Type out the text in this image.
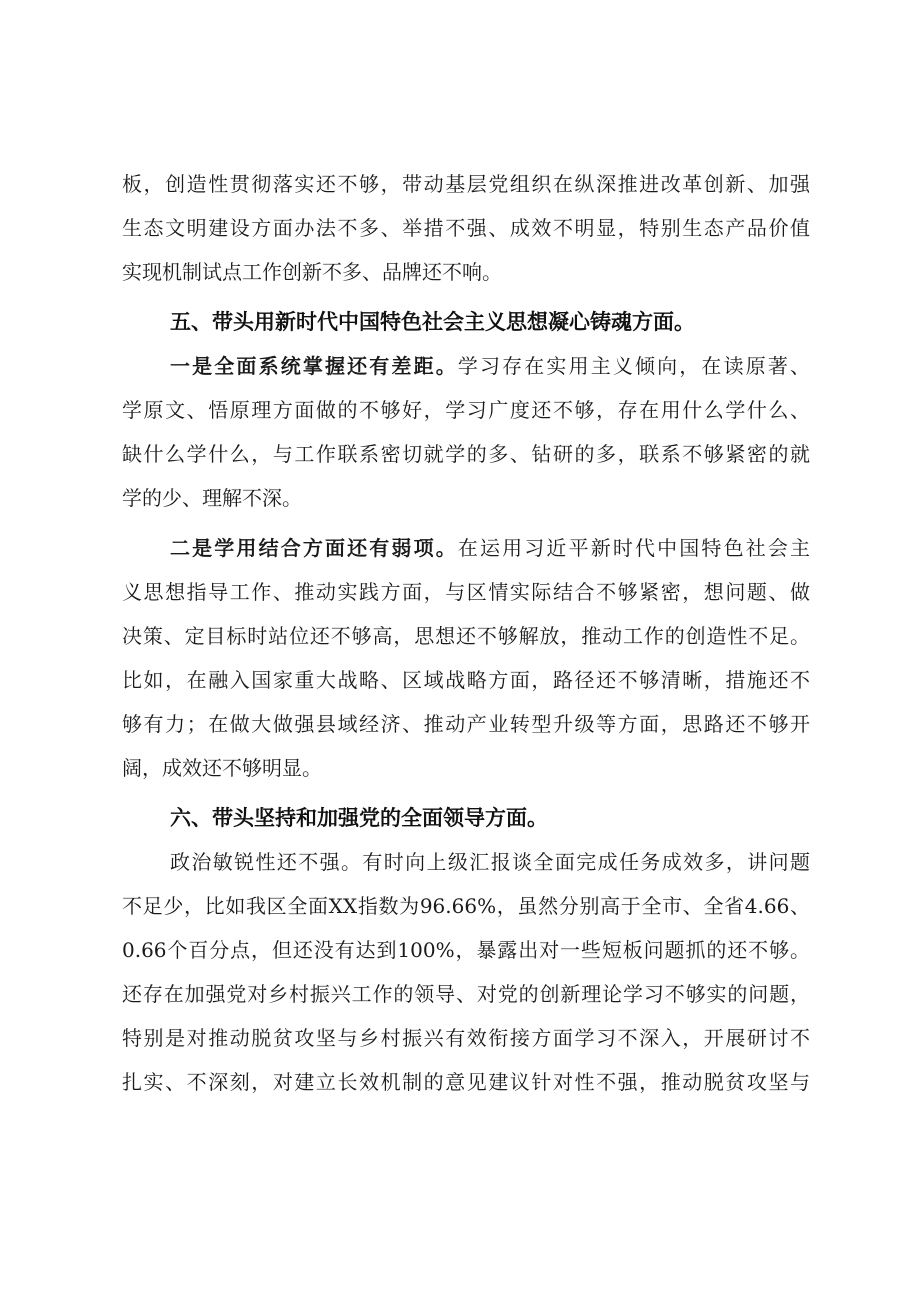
板，创造性贯彻落实还不够，带动基层党组织在纵深推进改革创新、加强
生态文明建设方面办法不多、举措不强、成效不明显，特别生态产品价值
实现机制试点工作创新不多、品牌还不响。
五、带头用新时代中国特色社会主义思想凝心铸魂方面。
一是全面系统掌握还有差距。学习存在实用主义倾向，在读原著、
学原文、悟原理方面做的不够好，学习广度还不够，存在用什么学什么、
缺什么学什么，与工作联系密切就学的多、钻研的多，联系不够紧密的就
学的少、理解不深。
二是学用结合方面还有弱项。在运用习近平新时代中国特色社会主
义思想指导工作、推动实践方面，与区情实际结合不够紧密，想问题、做
决策、定目标时站位还不够高，思想还不够解放，推动工作的创造性不足。
比如，在融入国家重大战略、区域战略方面，路径还不够清晰，措施还不
够有力；在做大做强县域经济、推动产业转型升级等方面，思路还不够开
阔，成效还不够明显。
六、带头坚持和加强党的全面领导方面。
政治敏锐性还不强。有时向上级汇报谈全面完成任务成效多，讲问题
不足少，比如我区全面XX指数为96.66%，虽然分别高于全市、全省4.66、
0.66个百分点，但还没有达到100%，暴露出对一些短板问题抓的还不够。
还存在加强党对乡村振兴工作的领导、对党的创新理论学习不够实的问题，
特别是对推动脱贫攻坚与乡村振兴有效衔接方面学习不深入，开展研讨不
扎实、不深刻，对建立长效机制的意见建议针对性不强，推动脱贫攻坚与
